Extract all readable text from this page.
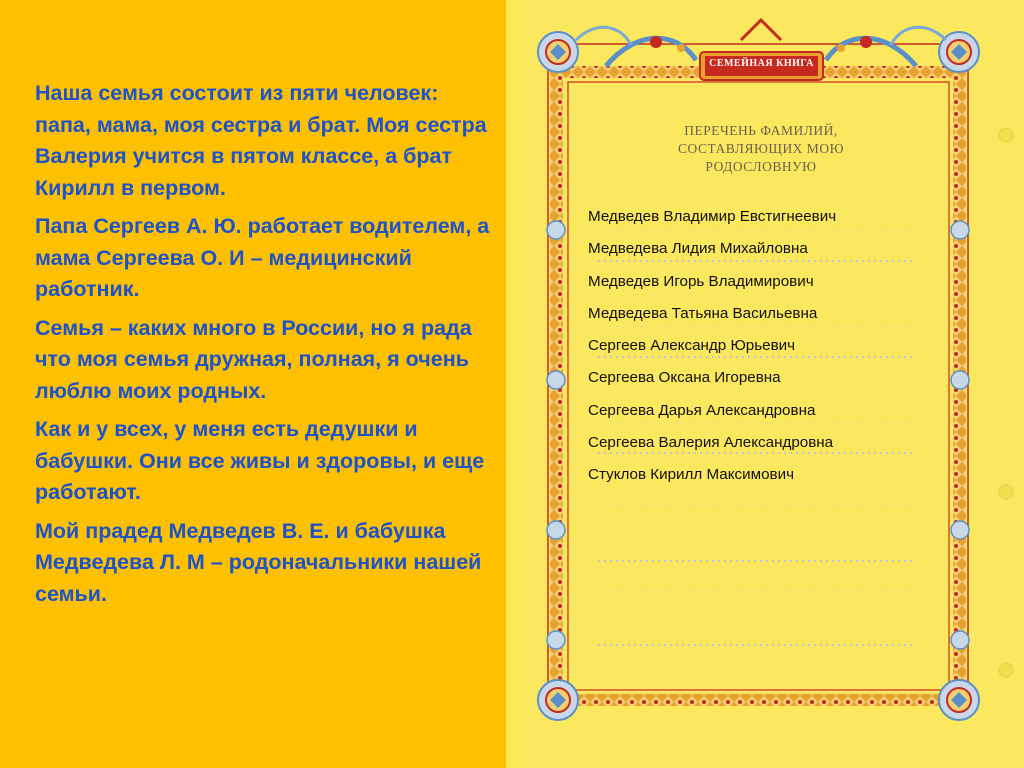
Наша семья состоит из пяти человек: папа, мама, моя сестра и брат. Моя сестра Валерия учится в пятом классе, а брат Кирилл в первом.

Папа Сергеев А. Ю. работает водителем, а мама Сергеева О. И – медицинский работник.

Семья – каких много в России, но я рада что моя семья дружная, полная, я очень люблю моих родных.

Как и у всех, у меня есть дедушки и бабушки. Они все живы и здоровы, и еще работают.

Мой прадед Медведев В. Е. и бабушка Медведева Л. М – родоначальники нашей семьи.

СЕМЕЙНАЯ КНИГА
ПЕРЕЧЕНЬ ФАМИЛИЙ,
СОСТАВЛЯЮЩИХ МОЮ
РОДОСЛОВНУЮ
Медведев Владимир Евстигнеевич
Медведева Лидия Михайловна
Медведев Игорь Владимирович
Медведева Татьяна Васильевна
Сергеев Александр Юрьевич
Сергеева Оксана Игоревна
Сергеева Дарья Александровна
Сергеева Валерия Александровна
Стуклов Кирилл Максимович
